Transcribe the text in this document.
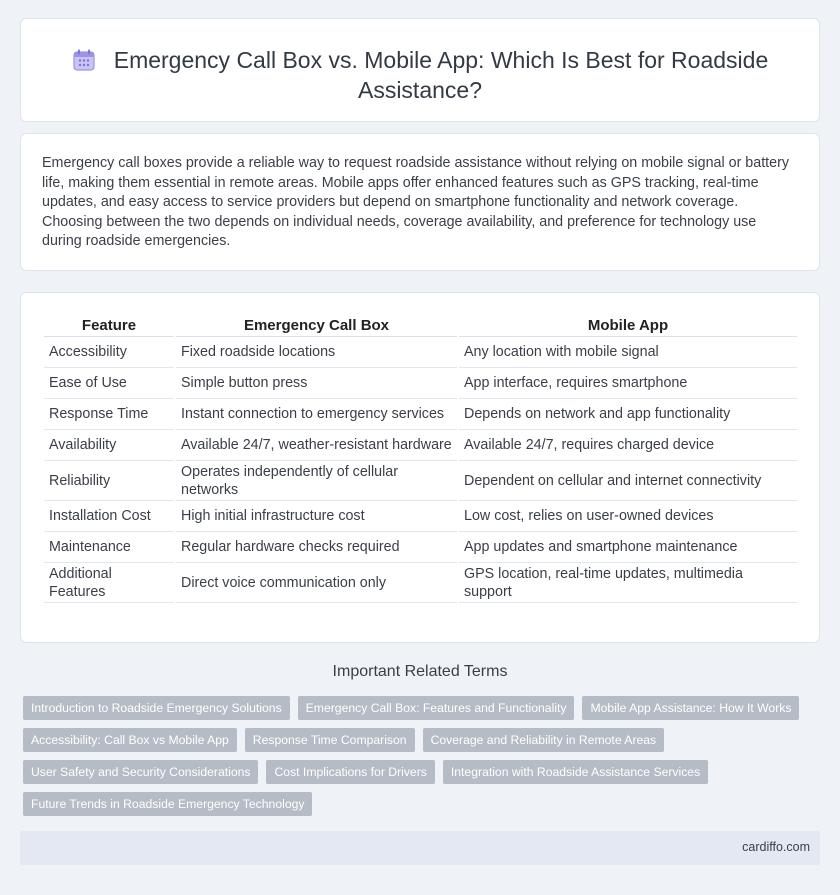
Emergency Call Box vs. Mobile App: Which Is Best for Roadside Assistance?

Emergency call boxes provide a reliable way to request roadside assistance without relying on mobile signal or battery life, making them essential in remote areas. Mobile apps offer enhanced features such as GPS tracking, real-time updates, and easy access to service providers but depend on smartphone functionality and network coverage. Choosing between the two depends on individual needs, coverage availability, and preference for technology use during roadside emergencies.

Feature	Emergency Call Box	Mobile App
Accessibility	Fixed roadside locations	Any location with mobile signal
Ease of Use	Simple button press	App interface, requires smartphone
Response Time	Instant connection to emergency services	Depends on network and app functionality
Availability	Available 24/7, weather-resistant hardware	Available 24/7, requires charged device
Reliability	Operates independently of cellular networks	Dependent on cellular and internet connectivity
Installation Cost	High initial infrastructure cost	Low cost, relies on user-owned devices
Maintenance	Regular hardware checks required	App updates and smartphone maintenance
Additional Features	Direct voice communication only	GPS location, real-time updates, multimedia support
Important Related Terms
Introduction to Roadside Emergency Solutions	Emergency Call Box: Features and Functionality	Mobile App Assistance: How It Works
Accessibility: Call Box vs Mobile App	Response Time Comparison	Coverage and Reliability in Remote Areas
User Safety and Security Considerations	Cost Implications for Drivers	Integration with Roadside Assistance Services
Future Trends in Roadside Emergency Technology
cardiffo.com
